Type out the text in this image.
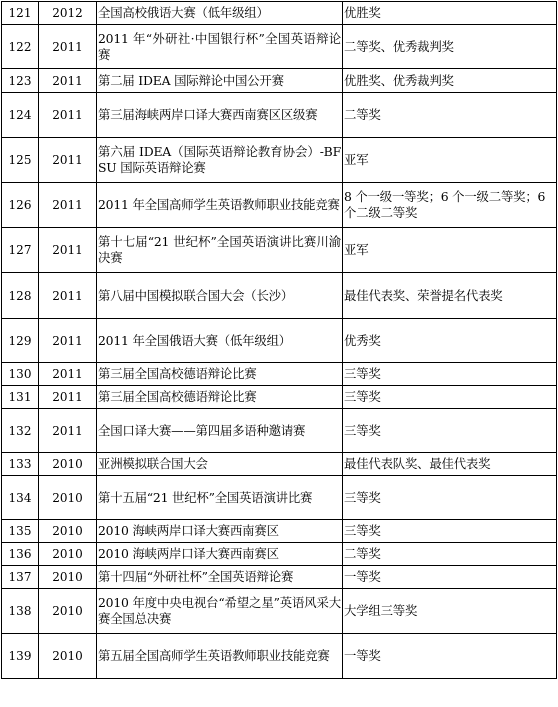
121	2012	全国高校俄语大赛（低年级组）	优胜奖
122	2011	2011 年“外研社·中国银行杯”全国英语辩论赛	二等奖、优秀裁判奖
123	2011	第二届 IDEA 国际辩论中国公开赛	优胜奖、优秀裁判奖
124	2011	第三届海峡两岸口译大赛西南赛区区级赛	二等奖
125	2011	第六届 IDEA（国际英语辩论教育协会）-BFSU 国际英语辩论赛	亚军
126	2011	2011 年全国高师学生英语教师职业技能竞赛	8 个一级一等奖；6 个一级二等奖；6 个二级二等奖
127	2011	第十七届“21 世纪杯”全国英语演讲比赛川渝决赛	亚军
128	2011	第八届中国模拟联合国大会（长沙）	最佳代表奖、荣誉提名代表奖
129	2011	2011 年全国俄语大赛（低年级组）	优秀奖
130	2011	第三届全国高校德语辩论比赛	三等奖
131	2011	第三届全国高校德语辩论比赛	三等奖
132	2011	全国口译大赛——第四届多语种邀请赛	三等奖
133	2010	亚洲模拟联合国大会	最佳代表队奖、最佳代表奖
134	2010	第十五届“21 世纪杯”全国英语演讲比赛	三等奖
135	2010	2010 海峡两岸口译大赛西南赛区	三等奖
136	2010	2010 海峡两岸口译大赛西南赛区	二等奖
137	2010	第十四届“外研社杯”全国英语辩论赛	一等奖
138	2010	2010 年度中央电视台“希望之星”英语风采大赛全国总决赛	大学组三等奖
139	2010	第五届全国高师学生英语教师职业技能竞赛	一等奖
